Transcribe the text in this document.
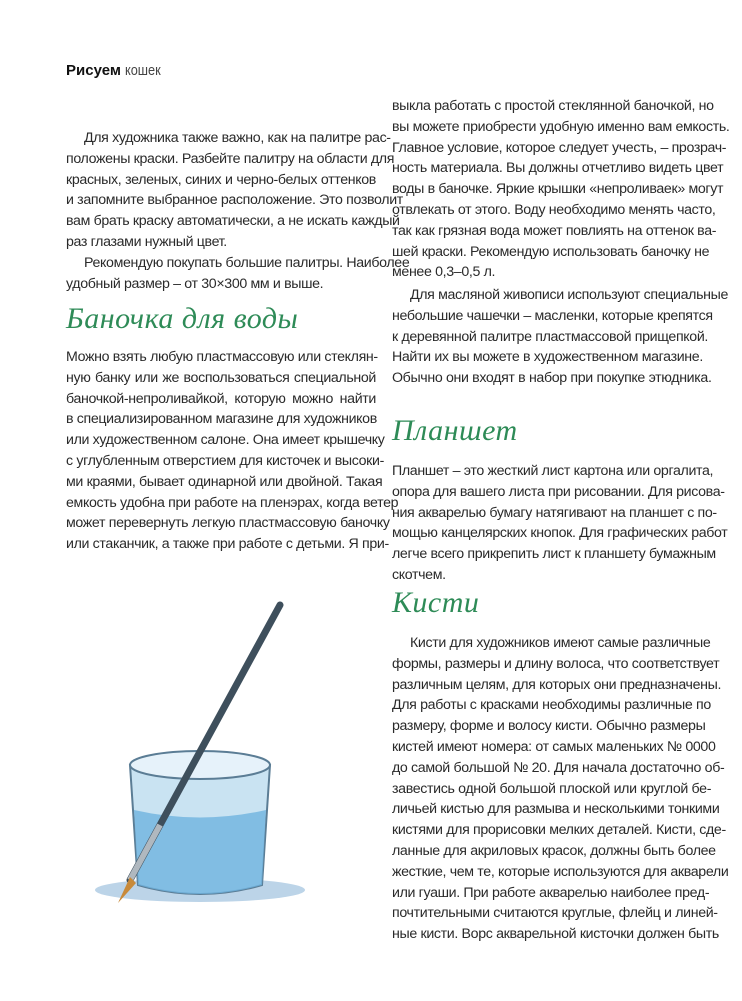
Рисуем кошек
Для художника также важно, как на палитре рас-
положены краски. Разбейте палитру на области для
красных, зеленых, синих и черно-белых оттенков
и запомните выбранное расположение. Это позволит
вам брать краску автоматически, а не искать каждый
раз глазами нужный цвет.
Рекомендую покупать большие палитры. Наиболее
удобный размер – от 30×300 мм и выше.
Баночка для воды
Можно взять любую пластмассовую или стеклян-
ную банку или же воспользоваться специальной
баночкой-непроливайкой, которую можно найти
в специализированном магазине для художников
или художественном салоне. Она имеет крышечку
с углубленным отверстием для кисточек и высоки-
ми краями, бывает одинарной или двойной. Такая
емкость удобна при работе на пленэрах, когда ветер
может перевернуть легкую пластмассовую баночку
или стаканчик, а также при работе с детьми. Я при-
выкла работать с простой стеклянной баночкой, но
вы можете приобрести удобную именно вам емкость.
Главное условие, которое следует учесть, – прозрач-
ность материала. Вы должны отчетливо видеть цвет
воды в баночке. Яркие крышки «непроливаек» могут
отвлекать от этого. Воду необходимо менять часто,
так как грязная вода может повлиять на оттенок ва-
шей краски. Рекомендую использовать баночку не
менее 0,3–0,5 л.
Для масляной живописи используют специальные
небольшие чашечки – масленки, которые крепятся
к деревянной палитре пластмассовой прищепкой.
Найти их вы можете в художественном магазине.
Обычно они входят в набор при покупке этюдника.
Планшет
Планшет – это жесткий лист картона или оргалита,
опора для вашего листа при рисовании. Для рисова-
ния акварелью бумагу натягивают на планшет с по-
мощью канцелярских кнопок. Для графических работ
легче всего прикрепить лист к планшету бумажным
скотчем.
Кисти
Кисти для художников имеют самые различные
формы, размеры и длину волоса, что соответствует
различным целям, для которых они предназначены.
Для работы с красками необходимы различные по
размеру, форме и волосу кисти. Обычно размеры
кистей имеют номера: от самых маленьких № 0000
до самой большой № 20. Для начала достаточно об-
завестись одной большой плоской или круглой бе-
личьей кистью для размыва и несколькими тонкими
кистями для прорисовки мелких деталей. Кисти, сде-
ланные для акриловых красок, должны быть более
жесткие, чем те, которые используются для акварели
или гуаши. При работе акварелью наиболее пред-
почтительными считаются круглые, флейц и линей-
ные кисти. Ворс акварельной кисточки должен быть
